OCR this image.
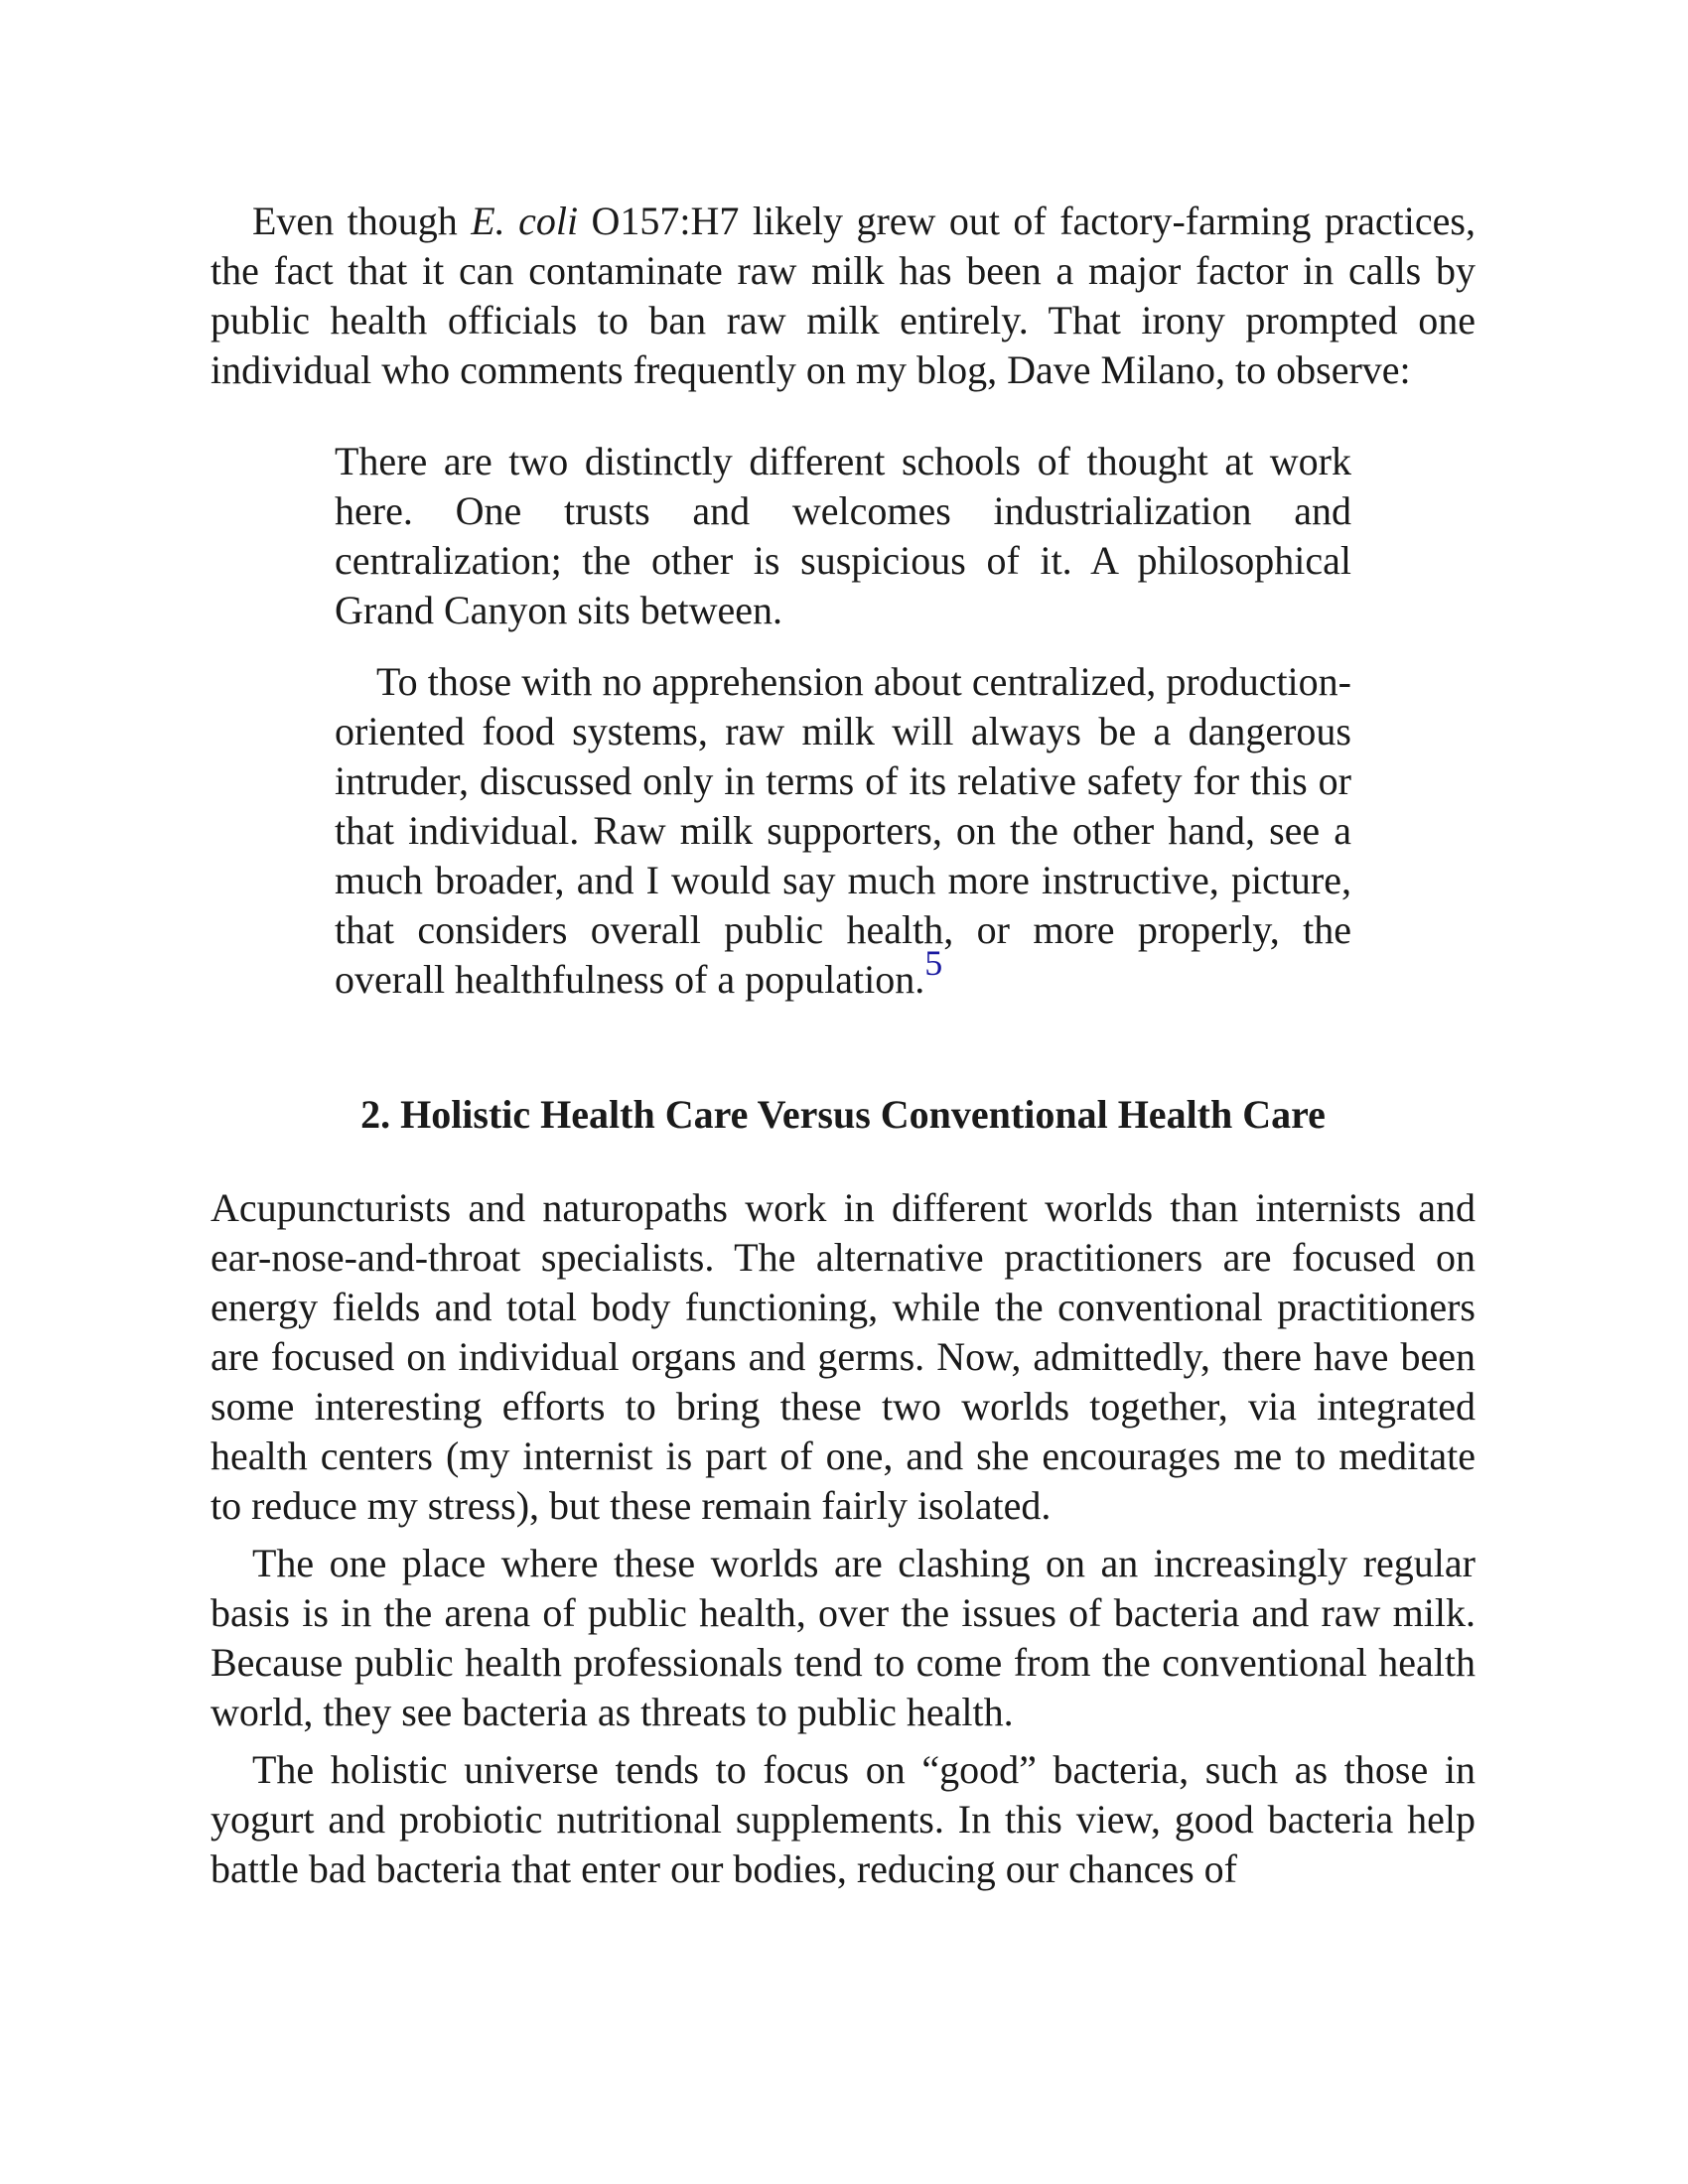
Even though E. coli O157:H7 likely grew out of factory-farming practices, the fact that it can contaminate raw milk has been a major factor in calls by public health officials to ban raw milk entirely. That irony prompted one individual who comments frequently on my blog, Dave Milano, to observe:

There are two distinctly different schools of thought at work here. One trusts and welcomes industrialization and centralization; the other is suspicious of it. A philosophical Grand Canyon sits between.

To those with no apprehension about centralized, production-oriented food systems, raw milk will always be a dangerous intruder, discussed only in terms of its relative safety for this or that individual. Raw milk supporters, on the other hand, see a much broader, and I would say much more instructive, picture, that considers overall public health, or more properly, the overall healthfulness of a population.$^5$

2. Holistic Health Care Versus Conventional Health Care

Acupuncturists and naturopaths work in different worlds than internists and ear-nose-and-throat specialists. The alternative practitioners are focused on energy fields and total body functioning, while the conventional practitioners are focused on individual organs and germs. Now, admittedly, there have been some interesting efforts to bring these two worlds together, via integrated health centers (my internist is part of one, and she encourages me to meditate to reduce my stress), but these remain fairly isolated.

The one place where these worlds are clashing on an increasingly regular basis is in the arena of public health, over the issues of bacteria and raw milk. Because public health professionals tend to come from the conventional health world, they see bacteria as threats to public health.

The holistic universe tends to focus on “good” bacteria, such as those in yogurt and probiotic nutritional supplements. In this view, good bacteria help battle bad bacteria that enter our bodies, reducing our chances of
